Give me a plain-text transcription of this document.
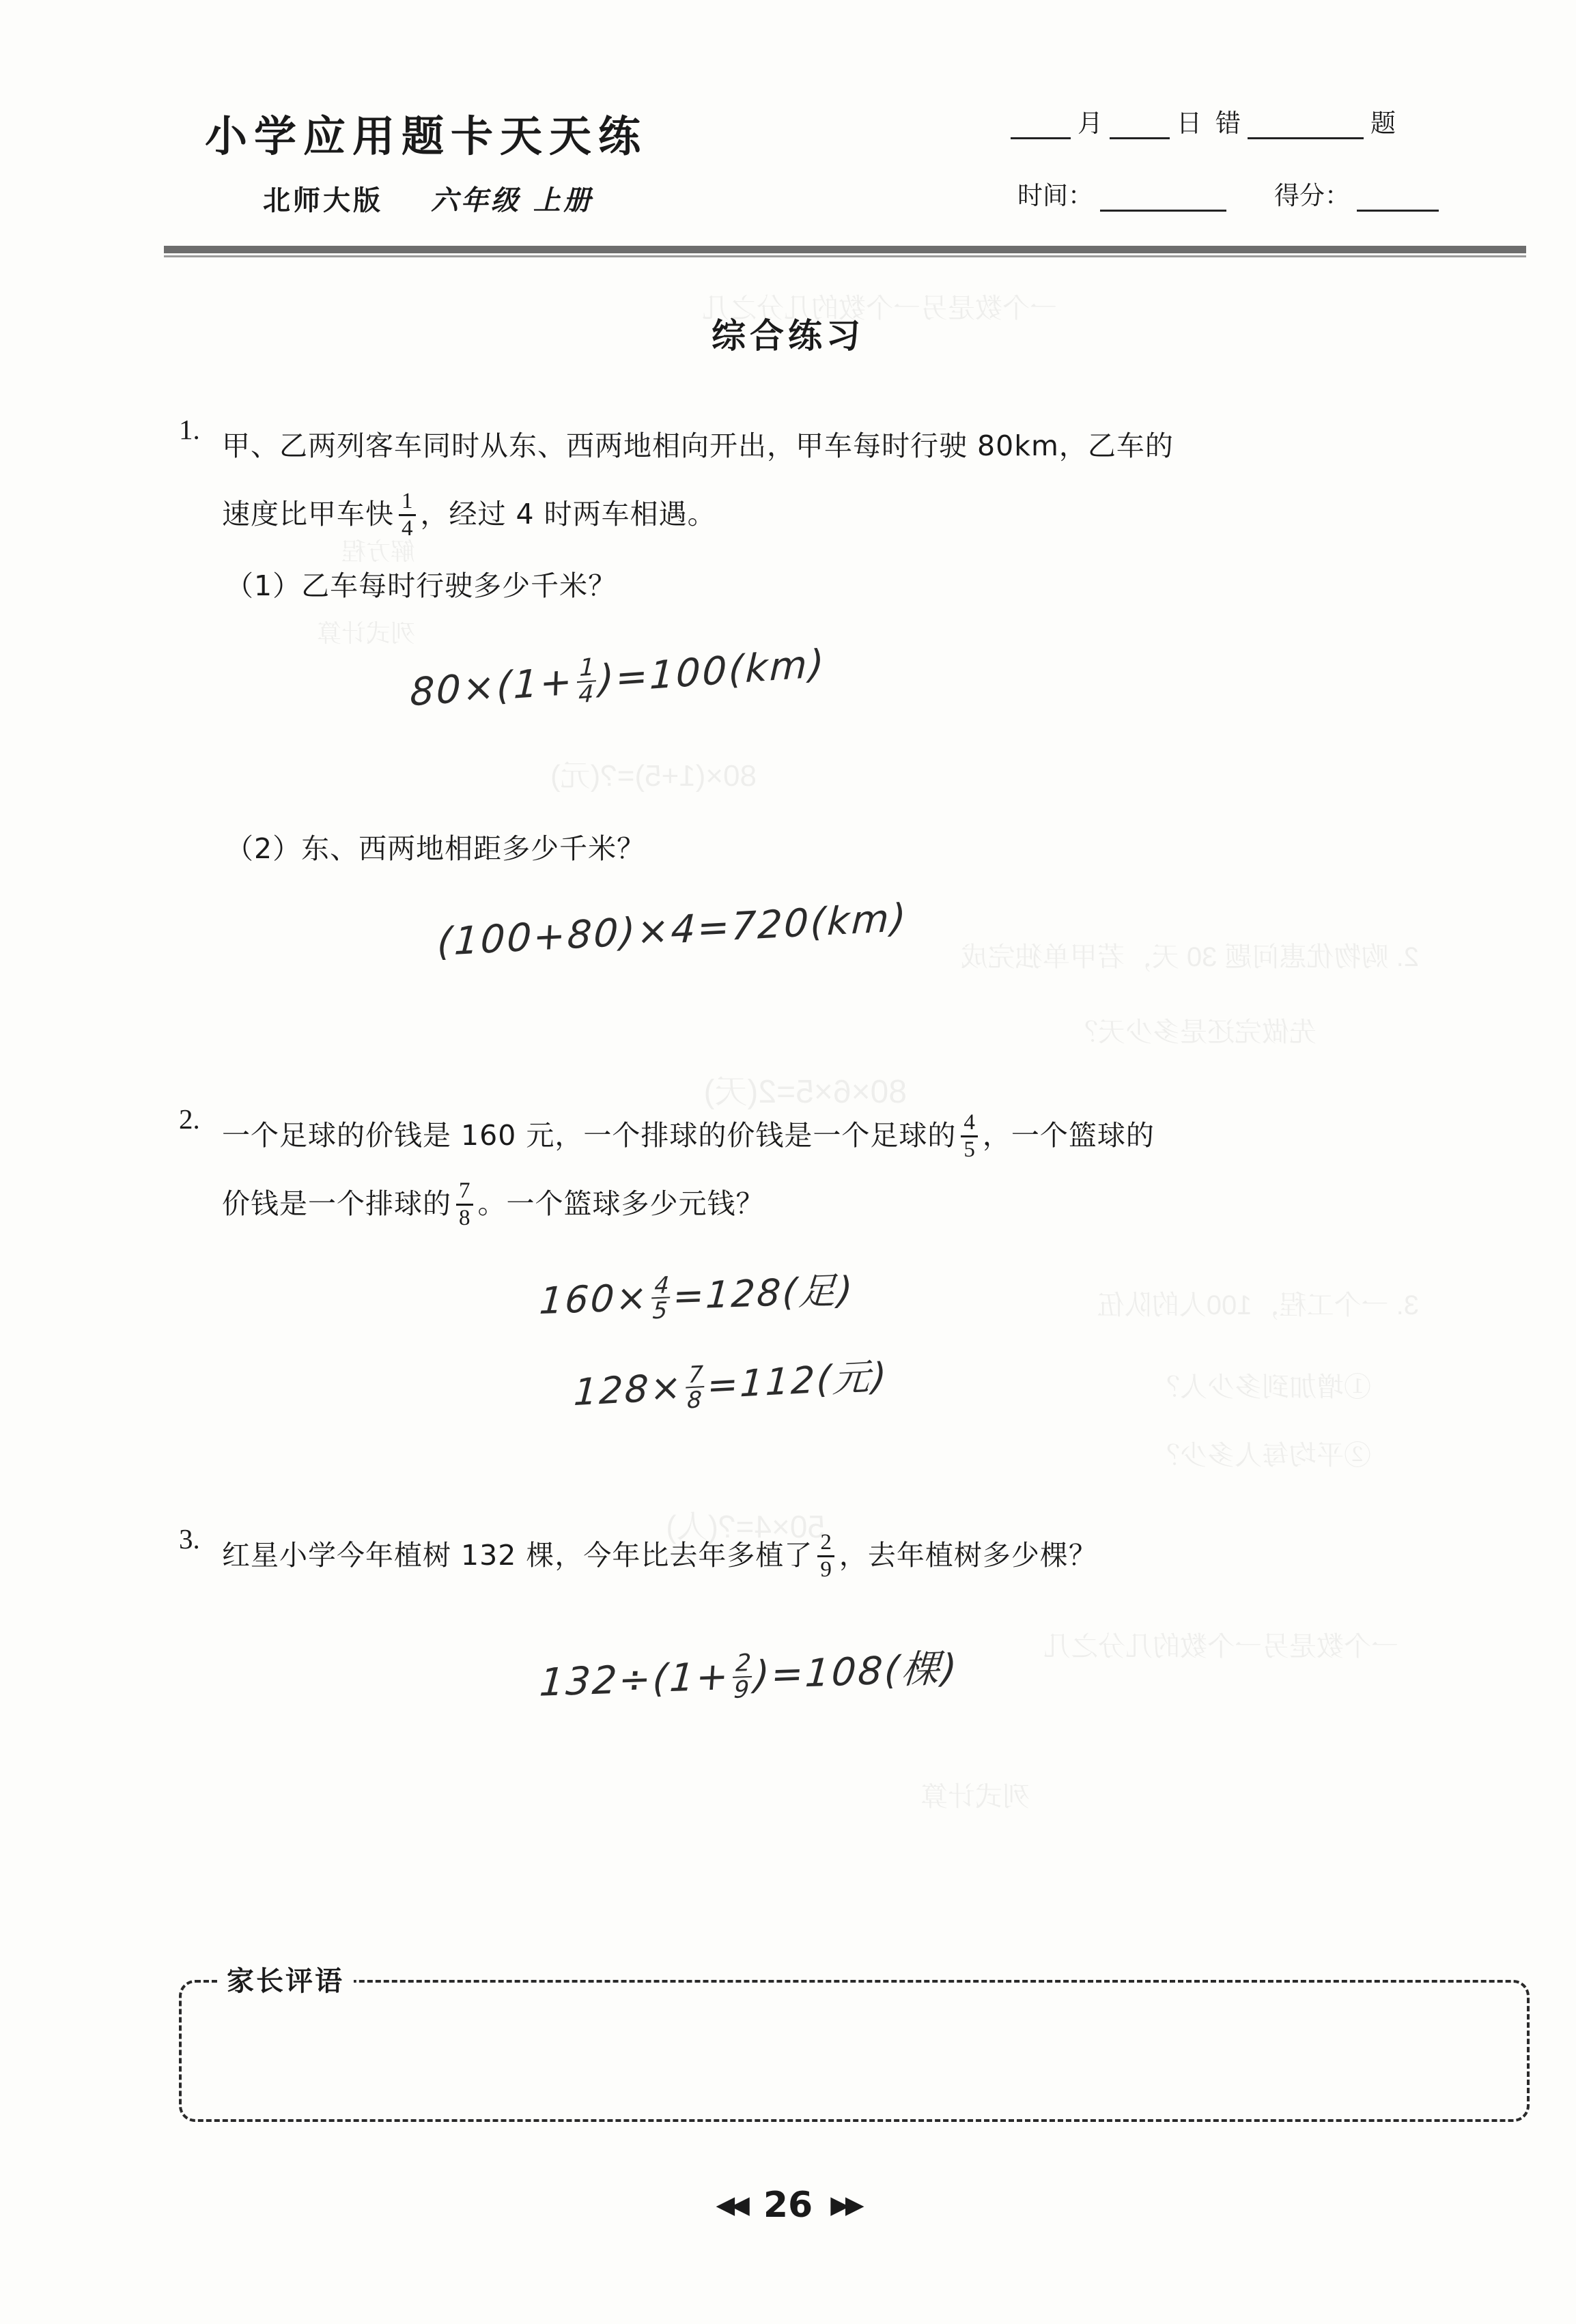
一个数是另一个数的几分之几
解方程
列式计算
80×(1+5)=?(元)
2. 购物优惠问题 30 天，若甲单独完成
先做完还是多少天？
80×6×5=2(天)
3. 一个工程，100人的队伍
①增加到多少人？
②平均每人多少？
50×4=?(人)
一个数是另一个数的几分之几
列式计算
小学应用题卡天天练
北师大版 六年级 上册
月	日 错	题
时间：	得分：
综合练习
1. 甲、乙两列客车同时从东、西两地相向开出，甲车每时行驶 80km，乙车的
速度比甲车快 $\frac{1}{4}$ ，经过 4 时两车相遇。
（1）乙车每时行驶多少千米？
$80\times(1+ \frac{1}{4} )=100(km)$
（2）东、西两地相距多少千米？
(100+80)×4=720(km)
2. 一个足球的价钱是 160 元，一个排球的价钱是一个足球的 $\frac{4}{5}$ ，一个篮球的
价钱是一个排球的 $\frac{7}{8}$ 。一个篮球多少元钱？
$160\times \frac{4}{5}$
=128(足)
$128\times \frac{7}{8} =112$(元)
3. 红星小学今年植树 132 棵，今年比去年多植了 $\frac{2}{9}$ ，去年植树多少棵？
$132\div(1+ \frac{2}{9}$
)=108(棵)
家长评语
◀◀ 26 ▶▶
